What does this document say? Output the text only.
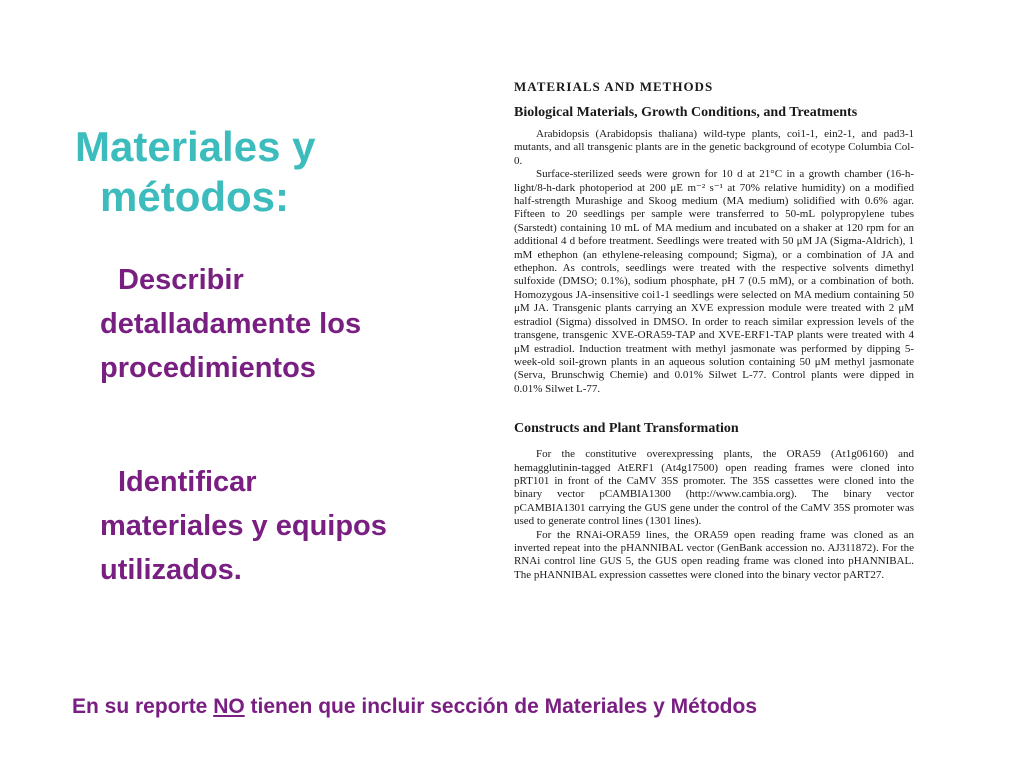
Materiales y

métodos:
Describir
detalladamente los procedimientos
Identificar
materiales y equipos utilizados.
MATERIALS AND METHODS
Biological Materials, Growth Conditions, and Treatments

Arabidopsis (Arabidopsis thaliana) wild-type plants, coi1-1, ein2-1, and pad3-1 mutants, and all transgenic plants are in the genetic background of ecotype Columbia Col-0.

Surface-sterilized seeds were grown for 10 d at 21°C in a growth chamber (16-h-light/8-h-dark photoperiod at 200 μE m⁻² s⁻¹ at 70% relative humidity) on a modified half-strength Murashige and Skoog medium (MA medium) solidified with 0.6% agar. Fifteen to 20 seedlings per sample were transferred to 50-mL polypropylene tubes (Sarstedt) containing 10 mL of MA medium and incubated on a shaker at 120 rpm for an additional 4 d before treatment. Seedlings were treated with 50 μM JA (Sigma-Aldrich), 1 mM ethephon (an ethylene-releasing compound; Sigma), or a combination of JA and ethephon. As controls, seedlings were treated with the respective solvents dimethyl sulfoxide (DMSO; 0.1%), sodium phosphate, pH 7 (0.5 mM), or a combination of both. Homozygous JA-insensitive coi1-1 seedlings were selected on MA medium containing 50 μM JA. Transgenic plants carrying an XVE expression module were treated with 2 μM estradiol (Sigma) dissolved in DMSO. In order to reach similar expression levels of the transgene, transgenic XVE-ORA59-TAP and XVE-ERF1-TAP plants were treated with 4 μM estradiol. Induction treatment with methyl jasmonate was performed by dipping 5-week-old soil-grown plants in an aqueous solution containing 50 μM methyl jasmonate (Serva, Brunschwig Chemie) and 0.01% Silwet L-77. Control plants were dipped in 0.01% Silwet L-77.

Constructs and Plant Transformation

For the constitutive overexpressing plants, the ORA59 (At1g06160) and hemagglutinin-tagged AtERF1 (At4g17500) open reading frames were cloned into pRT101 in front of the CaMV 35S promoter. The 35S cassettes were cloned into the binary vector pCAMBIA1300 (http://www.cambia.org). The binary vector pCAMBIA1301 carrying the GUS gene under the control of the CaMV 35S promoter was used to generate control lines (1301 lines).

For the RNAi-ORA59 lines, the ORA59 open reading frame was cloned as an inverted repeat into the pHANNIBAL vector (GenBank accession no. AJ311872). For the RNAi control line GUS 5, the GUS open reading frame was cloned into pHANNIBAL. The pHANNIBAL expression cassettes were cloned into the binary vector pART27.

En su reporte NO tienen que incluir sección de Materiales y Métodos
